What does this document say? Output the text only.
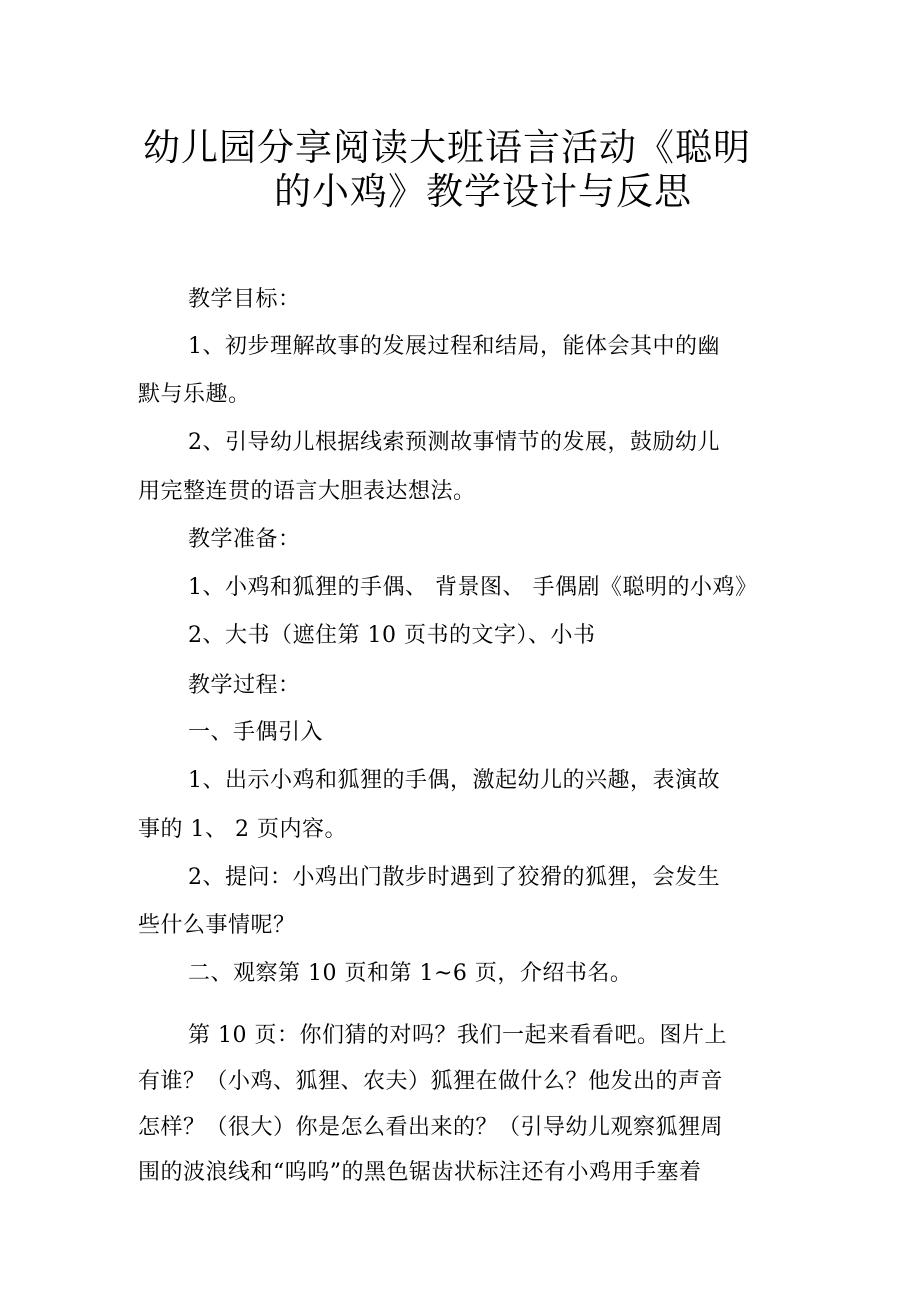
幼儿园分享阅读大班语言活动《聪明
的小鸡》教学设计与反思
教学目标：
1、初步理解故事的发展过程和结局，能体会其中的幽
默与乐趣。
2、引导幼儿根据线索预测故事情节的发展，鼓励幼儿
用完整连贯的语言大胆表达想法。
教学准备：
1、小鸡和狐狸的手偶、 背景图、 手偶剧《聪明的小鸡》
2、大书（遮住第 10 页书的文字）、小书
教学过程：
一、手偶引入
1、出示小鸡和狐狸的手偶，激起幼儿的兴趣，表演故
事的 1、 2 页内容。
2、提问：小鸡出门散步时遇到了狡猾的狐狸，会发生
些什么事情呢？
二、观察第 10 页和第 1~6 页，介绍书名。
第 10 页：你们猜的对吗？我们一起来看看吧。图片上
有谁？（小鸡、狐狸、农夫）狐狸在做什么？他发出的声音
怎样？（很大）你是怎么看出来的？（引导幼儿观察狐狸周
围的波浪线和“呜呜”的黑色锯齿状标注还有小鸡用手塞着
